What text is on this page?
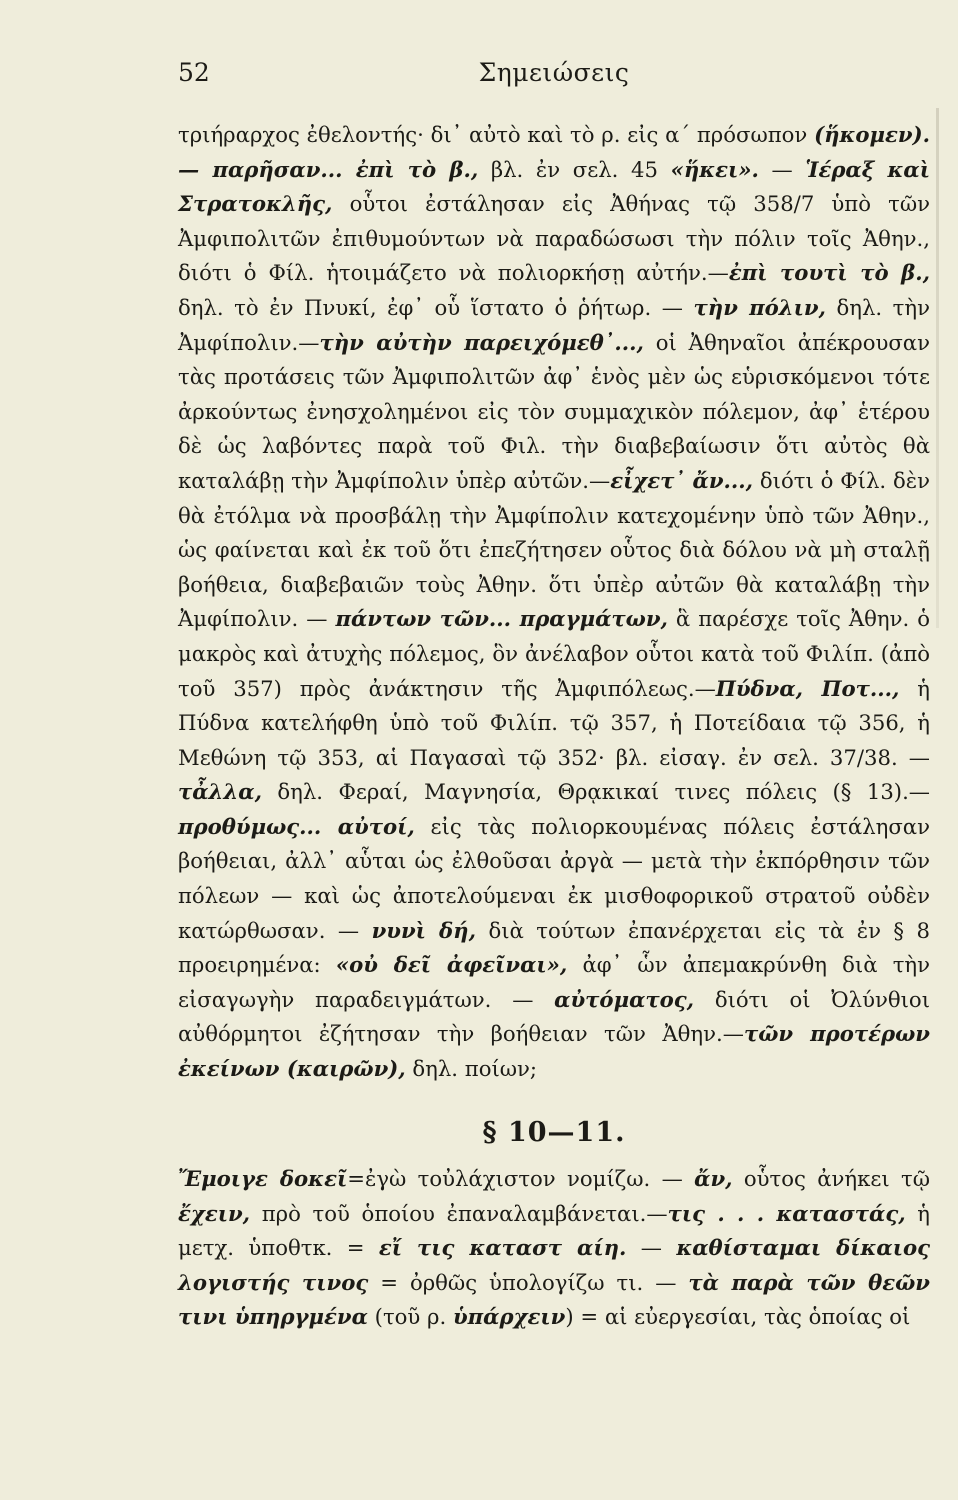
52	Σημειώσεις
τριήραρχος ἐθελοντής· δι᾽ αὐτὸ καὶ τὸ ρ. εἰς α΄ πρόσωπον (ἥκομεν). — παρῆσαν... ἐπὶ τὸ β., βλ. ἐν σελ. 45 «ἥκει». — Ἱέραξ καὶ Στρατοκλῆς, οὗτοι ἐστάλησαν εἰς Ἀθήνας τῷ 358/7 ὑπὸ τῶν Ἀμφιπολιτῶν ἐπιθυμούντων νὰ παραδώσωσι τὴν πόλιν τοῖς Ἀθην., διότι ὁ Φίλ. ἡτοιμάζετο νὰ πολιορκήσῃ αὐτήν.—ἐπὶ τουτὶ τὸ β., δηλ. τὸ ἐν Πνυκί, ἐφ᾽ οὗ ἵστατο ὁ ῥήτωρ. — τὴν πόλιν, δηλ. τὴν Ἀμφίπολιν.—τὴν αὐτὴν παρειχόμεθ᾽..., οἱ Ἀθηναῖοι ἀπέκρουσαν τὰς προτάσεις τῶν Ἀμφιπολιτῶν ἀφ᾽ ἑνὸς μὲν ὡς εὑρισκόμενοι τότε ἀρκούντως ἐνησχολημένοι εἰς τὸν συμμαχικὸν πόλεμον, ἀφ᾽ ἑτέρου δὲ ὡς λαβόντες παρὰ τοῦ Φιλ. τὴν διαβεβαίωσιν ὅτι αὐτὸς θὰ καταλάβῃ τὴν Ἀμφίπολιν ὑπὲρ αὐτῶν.—εἶχετ᾽ ἄν..., διότι ὁ Φίλ. δὲν θὰ ἐτόλμα νὰ προσβάλῃ τὴν Ἀμφίπολιν κατεχομένην ὑπὸ τῶν Ἀθην., ὡς φαίνεται καὶ ἐκ τοῦ ὅτι ἐπεζήτησεν οὗτος διὰ δόλου νὰ μὴ σταλῇ βοήθεια, διαβεβαιῶν τοὺς Ἀθην. ὅτι ὑπὲρ αὐτῶν θὰ καταλάβῃ τὴν Ἀμφίπολιν. — πάντων τῶν... πραγμάτων, ἃ παρέσχε τοῖς Ἀθην. ὁ μακρὸς καὶ ἀτυχὴς πόλεμος, ὃν ἀνέλαβον οὗτοι κατὰ τοῦ Φιλίπ. (ἀπὸ τοῦ 357) πρὸς ἀνάκτησιν τῆς Ἀμφιπόλεως.—Πύδνα, Ποτ..., ἡ Πύδνα κατελήφθη ὑπὸ τοῦ Φιλίπ. τῷ 357, ἡ Ποτείδαια τῷ 356, ἡ Μεθώνη τῷ 353, αἱ Παγασαὶ τῷ 352· βλ. εἰσαγ. ἐν σελ. 37/38. — τἆλλα, δηλ. Φεραί, Μαγνησία, Θρᾳκικαί τινες πόλεις (§ 13).—προθύμως... αὐτοί, εἰς τὰς πολιορκουμένας πόλεις ἐστάλησαν βοήθειαι, ἀλλ᾽ αὗται ὡς ἐλθοῦσαι ἀργὰ — μετὰ τὴν ἐκπόρθησιν τῶν πόλεων — καὶ ὡς ἀποτελούμεναι ἐκ μισθοφορικοῦ στρατοῦ οὐδὲν κατώρθωσαν. — νυνὶ δή, διὰ τούτων ἐπανέρχεται εἰς τὰ ἐν § 8 προειρημένα: «οὐ δεῖ ἀφεῖναι», ἀφ᾽ ὧν ἀπεμακρύνθη διὰ τὴν εἰσαγωγὴν παραδειγμάτων. — αὐτόματος, διότι οἱ Ὀλύνθιοι αὐθόρμητοι ἐζήτησαν τὴν βοήθειαν τῶν Ἀθην.—τῶν προτέρων ἐκείνων (καιρῶν), δηλ. ποίων;
§ 10—11.
Ἔμοιγε δοκεῖ=ἐγὼ τοὐλάχιστον νομίζω. — ἄν, οὗτος ἀνήκει τῷ ἔχειν, πρὸ τοῦ ὁποίου ἐπαναλαμβάνεται.—τις . . . καταστάς, ἡ μετχ. ὑποθτκ. = εἴ τις καταστ αίη. — καθίσταμαι δίκαιος λογιστής τινος = ὀρθῶς ὑπολογίζω τι. — τὰ παρὰ τῶν θεῶν τινι ὑπηργμένα (τοῦ ρ. ὑπάρχειν) = αἱ εὐεργεσίαι, τὰς ὁποίας οἱ
